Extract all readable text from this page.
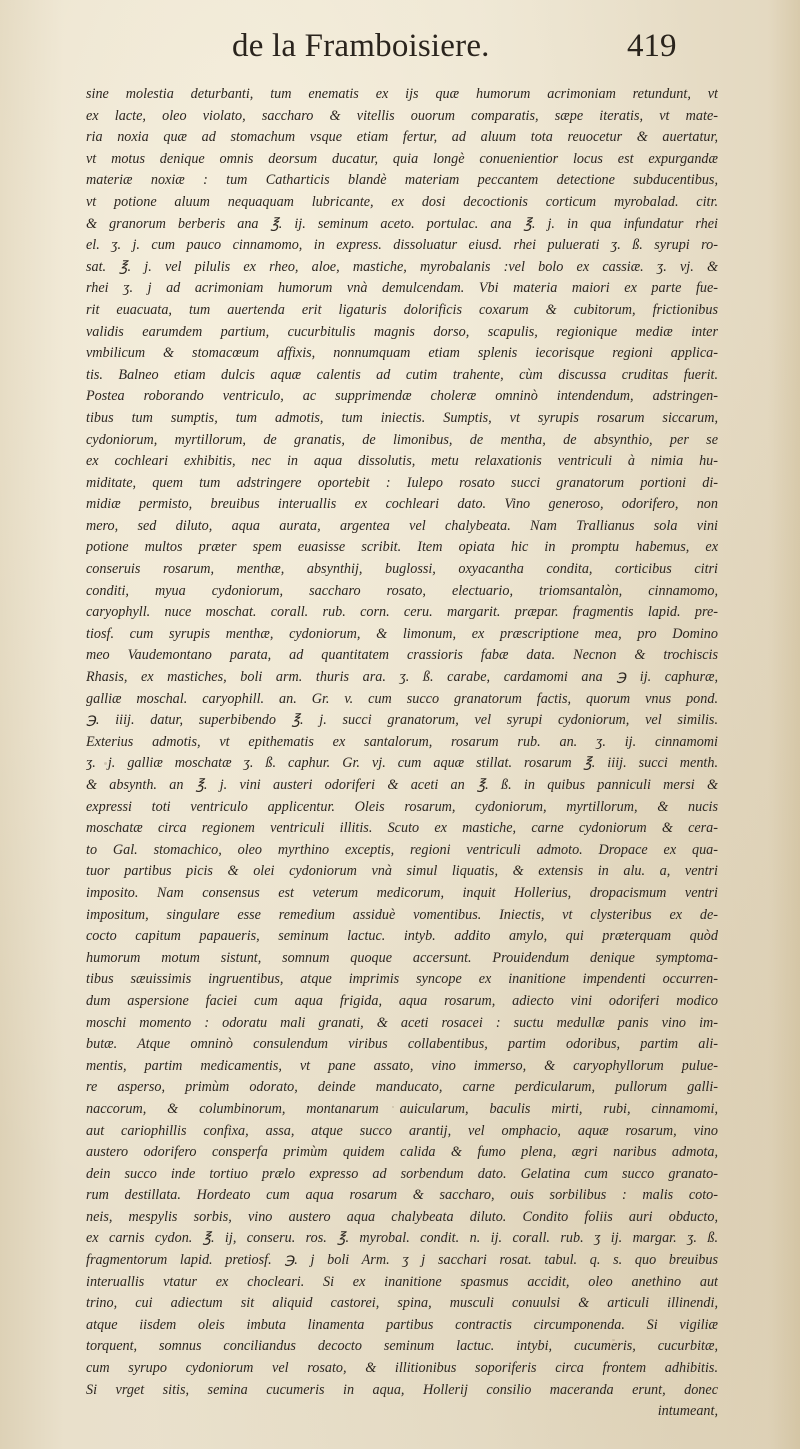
de la Framboisiere.	419
sine molestia deturbanti, tum enematis ex ijs quæ humorum acrimoniam retundunt, vt
ex lacte, oleo violato, saccharo & vitellis ouorum comparatis, sæpe iteratis, vt mate-
ria noxia quæ ad stomachum vsque etiam fertur, ad aluum tota reuocetur & auertatur,
vt motus denique omnis deorsum ducatur, quia longè conuenientior locus est expurgandæ
materiæ noxiæ : tum Catharticis blandè materiam peccantem detectione subducentibus,
vt potione aluum nequaquam lubricante, ex dosi decoctionis corticum myrobalad. citr.
& granorum berberis ana ℥. ij. seminum aceto. portulac. ana ℥. j. in qua infundatur rhei
el. ʒ. j. cum pauco cinnamomo, in express. dissoluatur eiusd. rhei puluerati ʒ. ß. syrupi ro-
sat. ℥. j. vel pilulis ex rheo, aloe, mastiche, myrobalanis :vel bolo ex cassiæ. ʒ. vj. &
rhei ʒ. j ad acrimoniam humorum vnà demulcendam. Vbi materia maiori ex parte fue-
rit euacuata, tum auertenda erit ligaturis dolorificis coxarum & cubitorum, frictionibus
validis earumdem partium, cucurbitulis magnis dorso, scapulis, regionique mediæ inter
vmbilicum & stomacœum affixis, nonnumquam etiam splenis iecorisque regioni applica-
tis. Balneo etiam dulcis aquæ calentis ad cutim trahente, cùm discussa cruditas fuerit.
Postea roborando ventriculo, ac supprimendæ choleræ omninò intendendum, adstringen-
tibus tum sumptis, tum admotis, tum iniectis. Sumptis, vt syrupis rosarum siccarum,
cydoniorum, myrtillorum, de granatis, de limonibus, de mentha, de absynthio, per se
ex cochleari exhibitis, nec in aqua dissolutis, metu relaxationis ventriculi à nimia hu-
miditate, quem tum adstringere oportebit : Iulepo rosato succi granatorum portioni di-
midiæ permisto, breuibus interuallis ex cochleari dato. Vino generoso, odorifero, non
mero, sed diluto, aqua aurata, argentea vel chalybeata. Nam Trallianus sola vini
potione multos præter spem euasisse scribit. Item opiata hic in promptu habemus, ex
conseruis rosarum, menthæ, absynthij, buglossi, oxyacantha condita, corticibus citri
conditi, myua cydoniorum, saccharo rosato, electuario, triomsantalòn, cinnamomo,
caryophyll. nuce moschat. corall. rub. corn. ceru. margarit. præpar. fragmentis lapid. pre-
tiosf. cum syrupis menthæ, cydoniorum, & limonum, ex præscriptione mea, pro Domino
meo Vaudemontano parata, ad quantitatem crassioris fabæ data. Necnon & trochiscis
Rhasis, ex mastiches, boli arm. thuris ara. ʒ. ß. carabe, cardamomi ana ℈ ij. caphuræ,
galliæ moschal. caryophill. an. Gr. v. cum succo granatorum factis, quorum vnus pond.
℈. iiij. datur, superbibendo ℥. j. succi granatorum, vel syrupi cydoniorum, vel similis.
Exterius admotis, vt epithematis ex santalorum, rosarum rub. an. ʒ. ij. cinnamomi
ʒ. j. galliæ moschatæ ʒ. ß. caphur. Gr. vj. cum aquæ stillat. rosarum ℥. iiij. succi menth.
& absynth. an ℥. j. vini austeri odoriferi & aceti an ℥. ß. in quibus panniculi mersi &
expressi toti ventriculo applicentur. Oleis rosarum, cydoniorum, myrtillorum, & nucis
moschatæ circa regionem ventriculi illitis. Scuto ex mastiche, carne cydoniorum & cera-
to Gal. stomachico, oleo myrthino exceptis, regioni ventriculi admoto. Dropace ex qua-
tuor partibus picis & olei cydoniorum vnà simul liquatis, & extensis in alu. a, ventri
imposito. Nam consensus est veterum medicorum, inquit Hollerius, dropacismum ventri
impositum, singulare esse remedium assiduè vomentibus. Iniectis, vt clysteribus ex de-
cocto capitum papaueris, seminum lactuc. intyb. addito amylo, qui præterquam quòd
humorum motum sistunt, somnum quoque accersunt. Prouidendum denique symptoma-
tibus sæuissimis ingruentibus, atque imprimis syncope ex inanitione impendenti occurren-
dum aspersione faciei cum aqua frigida, aqua rosarum, adiecto vini odoriferi modico
moschi momento : odoratu mali granati, & aceti rosacei : suctu medullæ panis vino im-
butæ. Atque omninò consulendum viribus collabentibus, partim odoribus, partim ali-
mentis, partim medicamentis, vt pane assato, vino immerso, & caryophyllorum pulue-
re asperso, primùm odorato, deinde manducato, carne perdicularum, pullorum galli-
naccorum, & columbinorum, montanarum auicularum, baculis mirti, rubi, cinnamomi,
aut cariophillis confixa, assa, atque succo arantij, vel omphacio, aquæ rosarum, vino
austero odorifero consperfa primùm quidem calida & fumo plena, ægri naribus admota,
dein succo inde tortiuo prælo expresso ad sorbendum dato. Gelatina cum succo granato-
rum destillata. Hordeato cum aqua rosarum & saccharo, ouis sorbilibus : malis coto-
neis, mespylis sorbis, vino austero aqua chalybeata diluto. Condito foliis auri obducto,
ex carnis cydon. ℥. ij, conseru. ros. ℥. myrobal. condit. n. ij. corall. rub. ʒ ij. margar. ʒ. ß.
fragmentorum lapid. pretiosf. ℈. j boli Arm. ʒ j sacchari rosat. tabul. q. s. quo breuibus
interuallis vtatur ex chocleari. Si ex inanitione spasmus accidit, oleo anethino aut
trino, cui adiectum sit aliquid castorei, spina, musculi conuulsi & articuli illinendi,
atque iisdem oleis imbuta linamenta partibus contractis circumponenda. Si vigiliæ
torquent, somnus conciliandus decocto seminum lactuc. intybi, cucumeris, cucurbitæ,
cum syrupo cydoniorum vel rosato, & illitionibus soporiferis circa frontem adhibitis.
Si vrget sitis, semina cucumeris in aqua, Hollerij consilio maceranda erunt, donec
intumeant,
